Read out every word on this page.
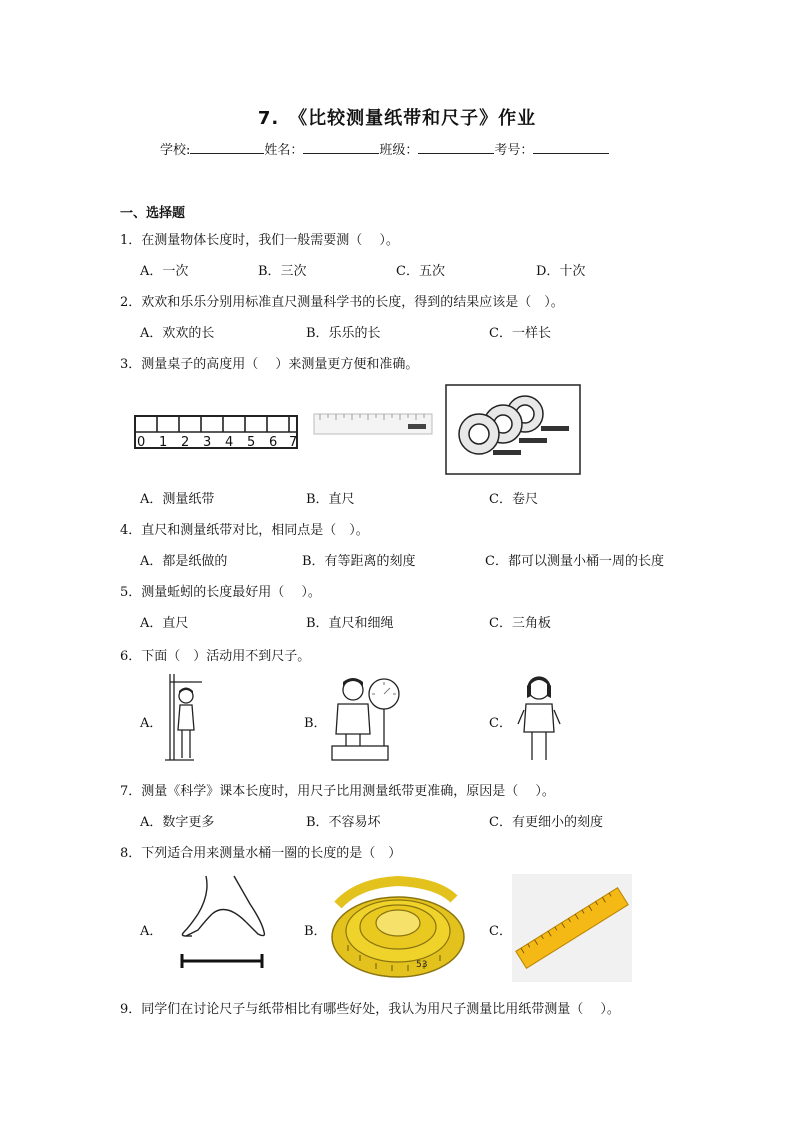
7.　《比较测量纸带和尺子》作业
学校:	姓名：	班级：	考号：
一、选择题
1．在测量物体长度时，我们一般需要测（　 ）。
A．一次	B．三次	C．五次	D．十次
2．欢欢和乐乐分别用标准直尺测量科学书的长度，得到的结果应该是（　）。
A．欢欢的长	B．乐乐的长	C．一样长
3．测量桌子的高度用（　 ）来测量更方便和准确。
0 1 2 3 4 5 6 7
A．测量纸带	B．直尺	C．卷尺
4．直尺和测量纸带对比，相同点是（　）。
A．都是纸做的	B．有等距离的刻度	C．都可以测量小桶一周的长度
5．测量蚯蚓的长度最好用（　 ）。
A．直尺	B．直尺和细绳	C．三角板
6．下面（　）活动用不到尺子。
A．	B．	C．
7．测量《科学》课本长度时，用尺子比用测量纸带更准确，原因是（　 ）。
A．数字更多	B．不容易坏	C．有更细小的刻度
8．下列适合用来测量水桶一圈的长度的是（　）
A．	B．	C．
53
9．同学们在讨论尺子与纸带相比有哪些好处，我认为用尺子测量比用纸带测量（　 ）。
